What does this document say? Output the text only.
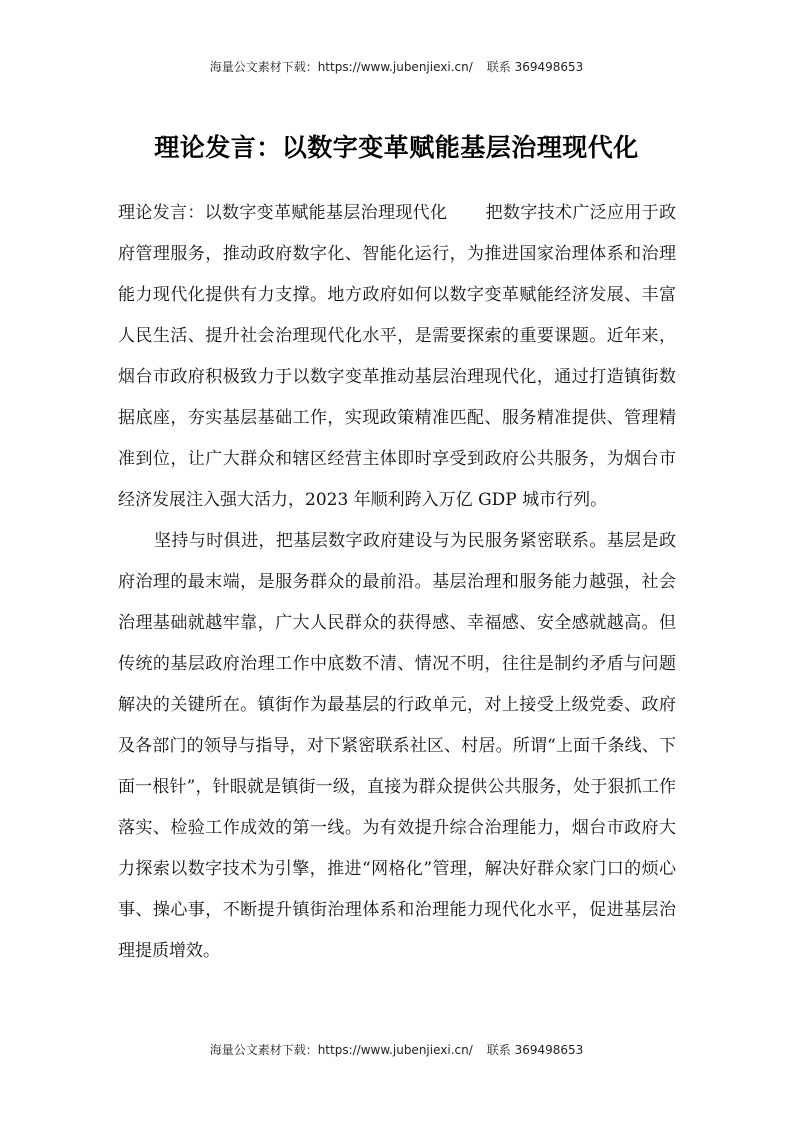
海量公文素材下载：https://www.jubenjiexi.cn/ 联系 369498653
理论发言：以数字变革赋能基层治理现代化

理论发言：以数字变革赋能基层治理现代化 把数字技术广泛应用于政府管理服务，推动政府数字化、智能化运行，为推进国家治理体系和治理能力现代化提供有力支撑。地方政府如何以数字变革赋能经济发展、丰富人民生活、提升社会治理现代化水平，是需要探索的重要课题。近年来，烟台市政府积极致力于以数字变革推动基层治理现代化，通过打造镇街数据底座，夯实基层基础工作，实现政策精准匹配、服务精准提供、管理精准到位，让广大群众和辖区经营主体即时享受到政府公共服务，为烟台市经济发展注入强大活力，2023 年顺利跨入万亿 GDP 城市行列。

坚持与时俱进，把基层数字政府建设与为民服务紧密联系。基层是政府治理的最末端，是服务群众的最前沿。基层治理和服务能力越强，社会治理基础就越牢靠，广大人民群众的获得感、幸福感、安全感就越高。但传统的基层政府治理工作中底数不清、情况不明，往往是制约矛盾与问题解决的关键所在。镇街作为最基层的行政单元，对上接受上级党委、政府及各部门的领导与指导，对下紧密联系社区、村居。所谓“上面千条线、下面一根针”，针眼就是镇街一级，直接为群众提供公共服务，处于狠抓工作落实、检验工作成效的第一线。为有效提升综合治理能力，烟台市政府大力探索以数字技术为引擎，推进“网格化”管理，解决好群众家门口的烦心事、操心事，不断提升镇街治理体系和治理能力现代化水平，促进基层治理提质增效。

海量公文素材下载：https://www.jubenjiexi.cn/ 联系 369498653
